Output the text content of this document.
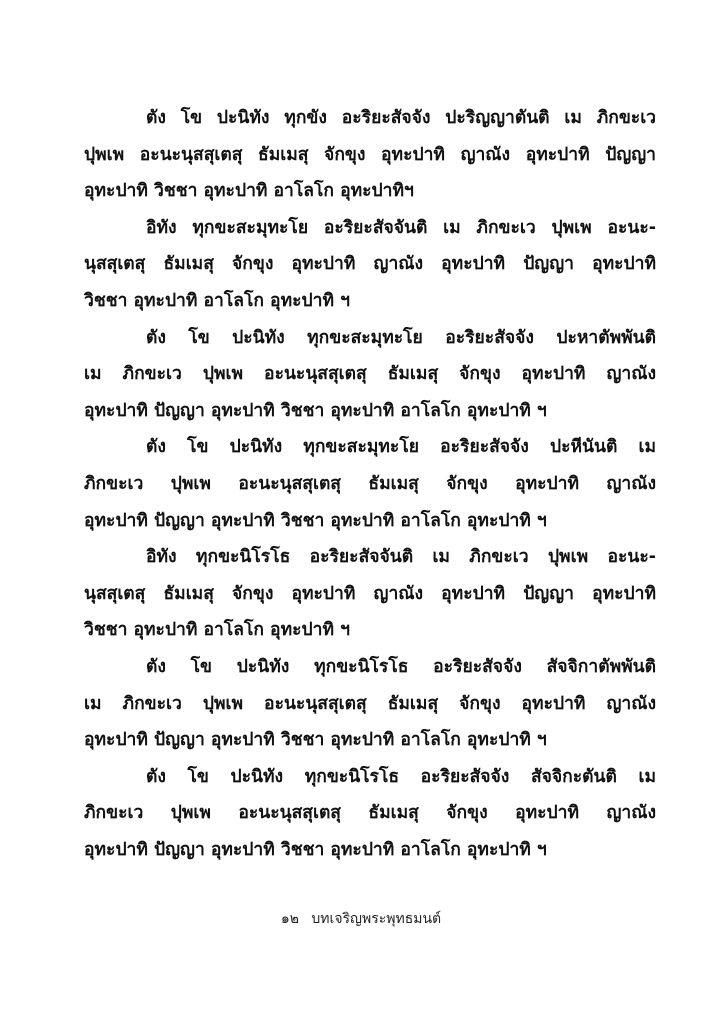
ตัง โข ปะนิทัง ทุกขัง อะริยะสัจจัง ปะริญญาตันติ เม ภิกขะเว
ปุพเพ อะนะนุสสุเตสุ ธัมเมสุ จักขุง อุทะปาทิ ญาณัง อุทะปาทิ ปัญญา
อุทะปาทิ วิชชา อุทะปาทิ อาโลโก อุทะปาทิฯ
อิทัง ทุกขะสะมุทะโย อะริยะสัจจันติ เม ภิกขะเว ปุพเพ อะนะ-
นุสสุเตสุ ธัมเมสุ จักขุง อุทะปาทิ ญาณัง อุทะปาทิ ปัญญา อุทะปาทิ
วิชชา อุทะปาทิ อาโลโก อุทะปาทิ ฯ
ตัง โข ปะนิทัง ทุกขะสะมุทะโย อะริยะสัจจัง ปะหาตัพพันติ
เม ภิกขะเว ปุพเพ อะนะนุสสุเตสุ ธัมเมสุ จักขุง อุทะปาทิ ญาณัง
อุทะปาทิ ปัญญา อุทะปาทิ วิชชา อุทะปาทิ อาโลโก อุทะปาทิ ฯ
ตัง โข ปะนิทัง ทุกขะสะมุทะโย อะริยะสัจจัง ปะหีนันติ เม
ภิกขะเว ปุพเพ อะนะนุสสุเตสุ ธัมเมสุ จักขุง อุทะปาทิ ญาณัง
อุทะปาทิ ปัญญา อุทะปาทิ วิชชา อุทะปาทิ อาโลโก อุทะปาทิ ฯ
อิทัง ทุกขะนิโรโธ อะริยะสัจจันติ เม ภิกขะเว ปุพเพ อะนะ-
นุสสุเตสุ ธัมเมสุ จักขุง อุทะปาทิ ญาณัง อุทะปาทิ ปัญญา อุทะปาทิ
วิชชา อุทะปาทิ อาโลโก อุทะปาทิ ฯ
ตัง โข ปะนิทัง ทุกขะนิโรโธ อะริยะสัจจัง สัจจิกาตัพพันติ
เม ภิกขะเว ปุพเพ อะนะนุสสุเตสุ ธัมเมสุ จักขุง อุทะปาทิ ญาณัง
อุทะปาทิ ปัญญา อุทะปาทิ วิชชา อุทะปาทิ อาโลโก อุทะปาทิ ฯ
ตัง โข ปะนิทัง ทุกขะนิโรโธ อะริยะสัจจัง สัจจิกะตันติ เม
ภิกขะเว ปุพเพ อะนะนุสสุเตสุ ธัมเมสุ จักขุง อุทะปาทิ ญาณัง
อุทะปาทิ ปัญญา อุทะปาทิ วิชชา อุทะปาทิ อาโลโก อุทะปาทิ ฯ
๑๒ บทเจริญพระพุทธมนต์
